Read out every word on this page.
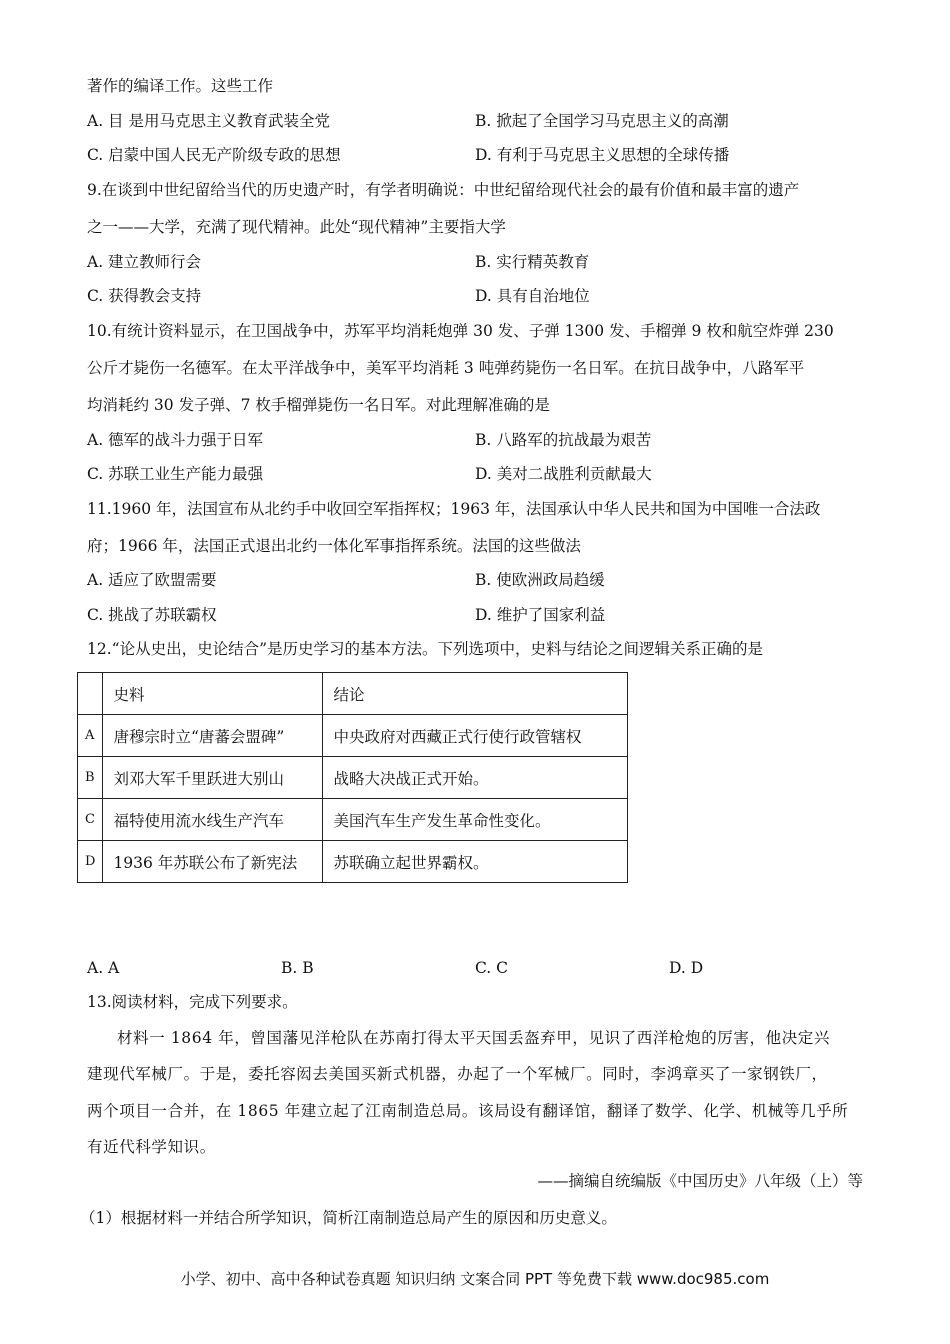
著作的编译工作。这些工作
A. 目 是用马克思主义教育武装全党	B. 掀起了全国学习马克思主义的高潮
C. 启蒙中国人民无产阶级专政的思想	D. 有利于马克思主义思想的全球传播
9.在谈到中世纪留给当代的历史遗产时，有学者明确说：中世纪留给现代社会的最有价值和最丰富的遗产
之一——大学，充满了现代精神。此处“现代精神”主要指大学
A. 建立教师行会	B. 实行精英教育
C. 获得教会支持	D. 具有自治地位
10.有统计资料显示，在卫国战争中，苏军平均消耗炮弹 30 发、子弹 1300 发、手榴弹 9 枚和航空炸弹 230
公斤才毙伤一名德军。在太平洋战争中，美军平均消耗 3 吨弹药毙伤一名日军。在抗日战争中，八路军平
均消耗约 30 发子弹、7 枚手榴弹毙伤一名日军。对此理解准确的是
A. 德军的战斗力强于日军	B. 八路军的抗战最为艰苦
C. 苏联工业生产能力最强	D. 美对二战胜利贡献最大
11.1960 年，法国宣布从北约手中收回空军指挥权；1963 年，法国承认中华人民共和国为中国唯一合法政
府；1966 年，法国正式退出北约一体化军事指挥系统。法国的这些做法
A. 适应了欧盟需要	B. 使欧洲政局趋缓
C. 挑战了苏联霸权	D. 维护了国家利益
12.“论从史出，史论结合”是历史学习的基本方法。下列选项中，史料与结论之间逻辑关系正确的是
	史料	结论
A	唐穆宗时立“唐蕃会盟碑”	中央政府对西藏正式行使行政管辖权
B	刘邓大军千里跃进大别山	战略大决战正式开始。
C	福特使用流水线生产汽车	美国汽车生产发生革命性变化。
D	1936 年苏联公布了新宪法	苏联确立起世界霸权。
A. A	B. B	C. C	D. D
13.阅读材料，完成下列要求。
材料一 1864 年，曾国藩见洋枪队在苏南打得太平天国丢盔弃甲，见识了西洋枪炮的厉害，他决定兴
建现代军械厂。于是，委托容闳去美国买新式机器，办起了一个军械厂。同时，李鸿章买了一家钢铁厂，
两个项目一合并，在 1865 年建立起了江南制造总局。该局设有翻译馆，翻译了数学、化学、机械等几乎所
有近代科学知识。
——摘编自统编版《中国历史》八年级（上）等
（1）根据材料一并结合所学知识，简析江南制造总局产生的原因和历史意义。
小学、初中、高中各种试卷真题 知识归纳 文案合同 PPT 等免费下载 www.doc985.com
